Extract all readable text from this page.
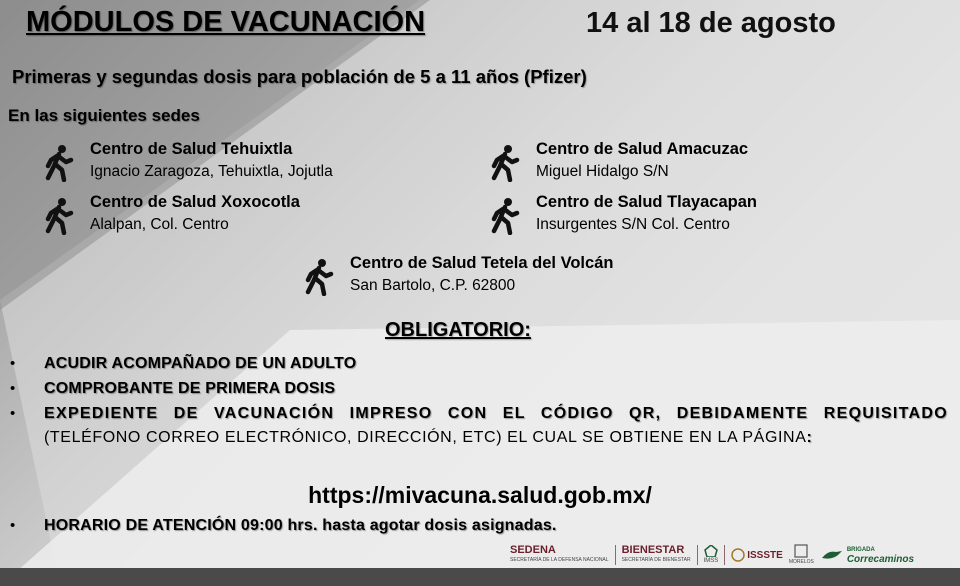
MÓDULOS DE VACUNACIÓN	14 al 18 de agosto
Primeras y segundas dosis para población de 5 a 11 años (Pfizer)
En las siguientes sedes
Centro de Salud Tehuixtla
Ignacio Zaragoza, Tehuixtla, Jojutla
Centro de Salud Amacuzac
Miguel Hidalgo S/N
Centro de Salud Xoxocotla
Alalpan, Col. Centro
Centro de Salud Tlayacapan
Insurgentes S/N Col. Centro
Centro de Salud Tetela del Volcán
San Bartolo, C.P. 62800
OBLIGATORIO:
• ACUDIR ACOMPAÑADO DE UN ADULTO
• COMPROBANTE DE PRIMERA DOSIS
• EXPEDIENTE DE VACUNACIÓN IMPRESO CON EL CÓDIGO QR, DEBIDAMENTE REQUISITADO (TELÉFONO CORREO ELECTRÓNICO, DIRECCIÓN, ETC) EL CUAL SE OBTIENE EN LA PÁGINA:
https://mivacuna.salud.gob.mx/
• HORARIO DE ATENCIÓN 09:00 hrs. hasta agotar dosis asignadas.
SEDENA
SECRETARÍA DE LA DEFENSA NACIONAL
BIENESTAR
SECRETARÍA DE BIENESTAR IMSS	ISSSTE
MORELOS
BRIGADA
Correcaminos
